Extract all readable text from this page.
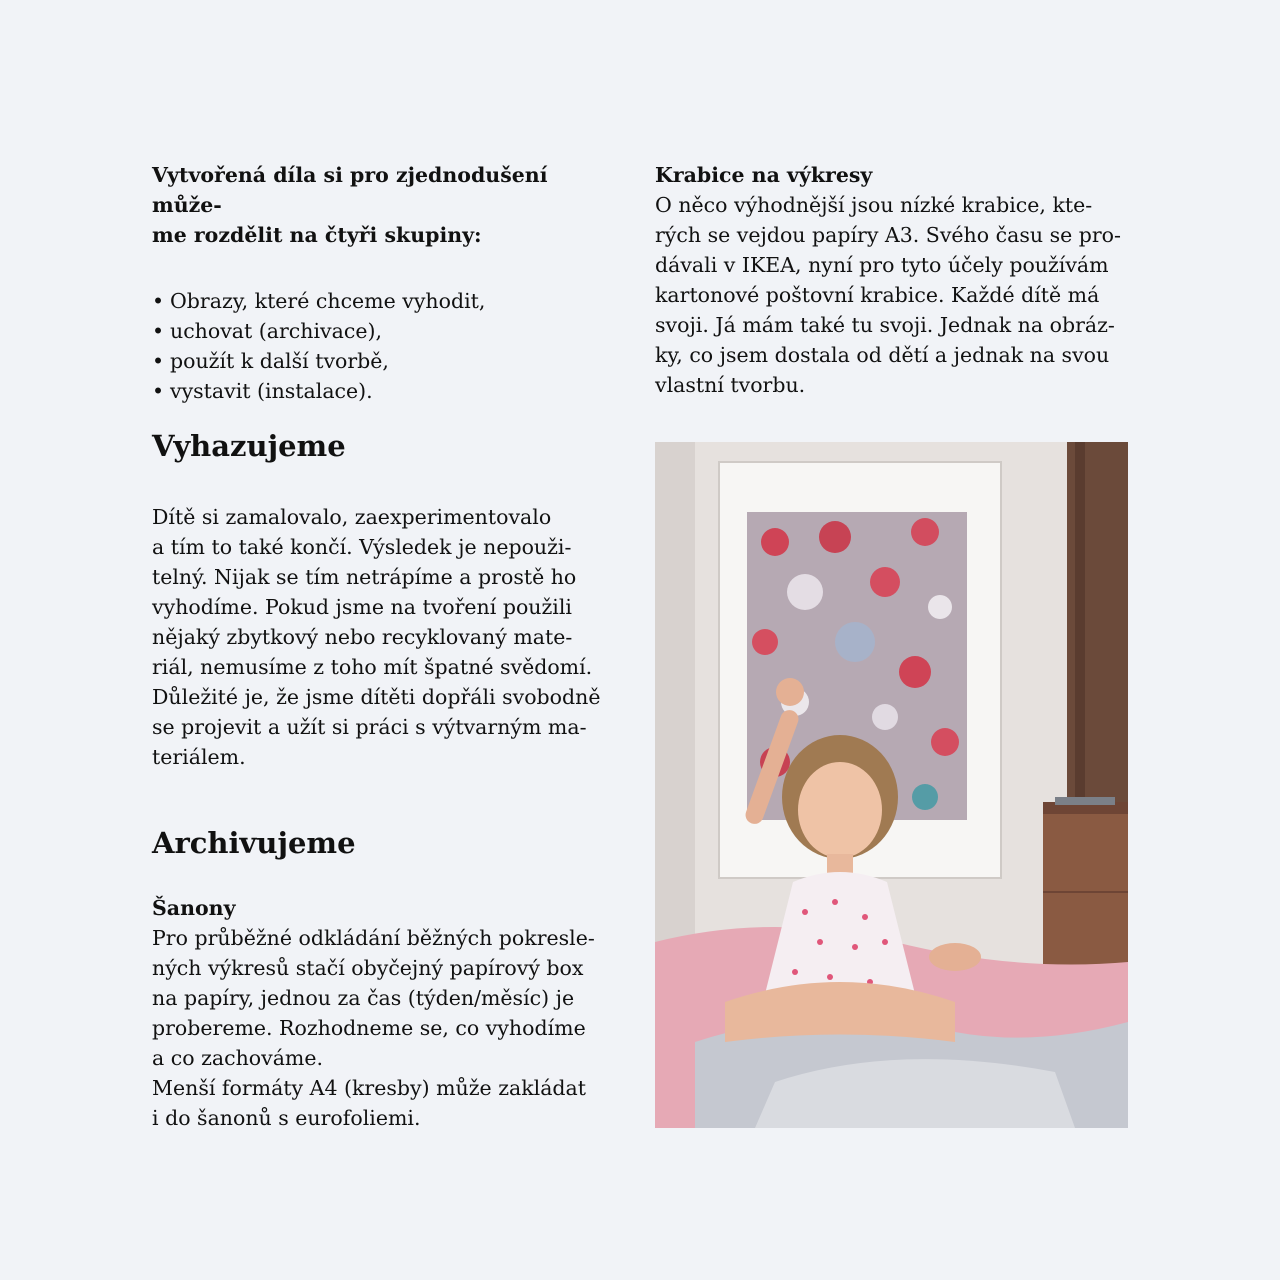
Vytvořená díla si pro zjednodušení může-
me rozdělit na čtyři skupiny:

• Obrazy, které chceme vyhodit,
• uchovat (archivace),
• použít k další tvorbě,
• vystavit (instalace).
Vyhazujeme

Dítě si zamalovalo, zaexperimentovalo
a tím to také končí. Výsledek je nepouži-
telný. Nijak se tím netrápíme a prostě ho
vyhodíme. Pokud jsme na tvoření použili
nějaký zbytkový nebo recyklovaný mate-
riál, nemusíme z toho mít špatné svědomí.
Důležité je, že jsme dítěti dopřáli svobodně
se projevit a užít si práci s výtvarným ma-
teriálem.

Archivujeme
Šanony

Pro průběžné odkládání běžných pokresle-
ných výkresů stačí obyčejný papírový box
na papíry, jednou za čas (týden/měsíc) je
probereme. Rozhodneme se, co vyhodíme
a co zachováme.
Menší formáty A4 (kresby) může zakládat
i do šanonů s eurofoliemi.

Krabice na výkresy

O něco výhodnější jsou nízké krabice, kte-
rých se vejdou papíry A3. Svého času se pro-
dávali v IKEA, nyní pro tyto účely používám
kartonové poštovní krabice. Každé dítě má
svoji. Já mám také tu svoji. Jednak na obráz-
ky, co jsem dostala od dětí a jednak na svou
vlastní tvorbu.
